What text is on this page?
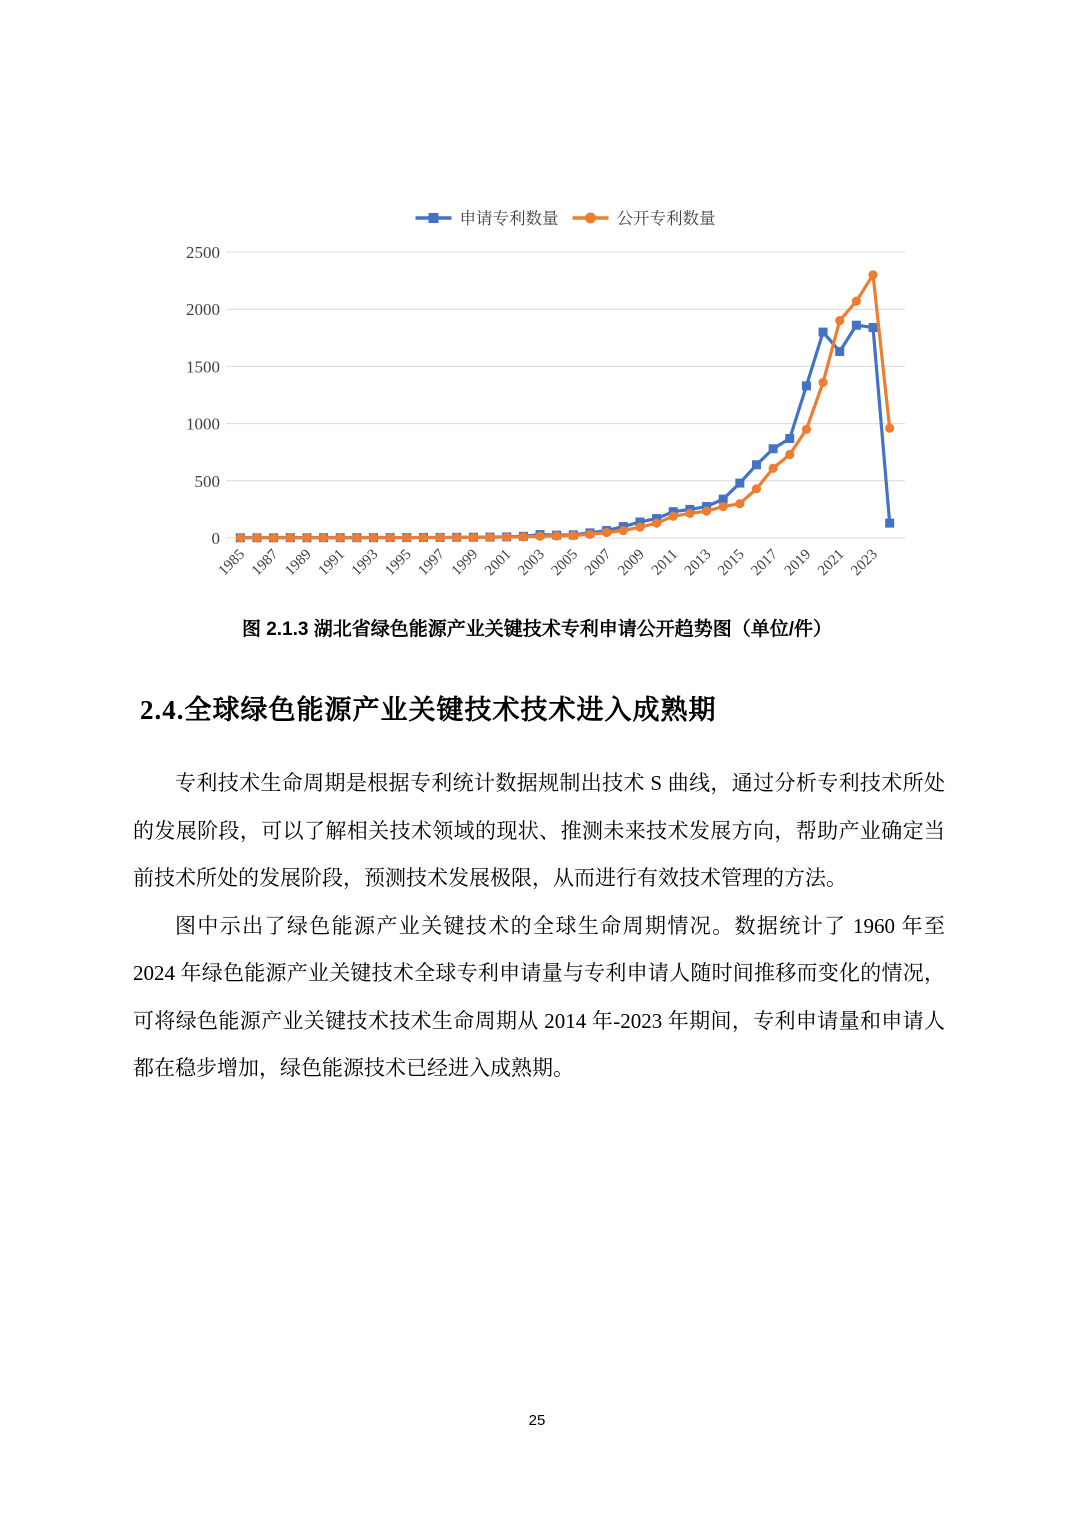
0
500
1000
1500
2000
2500
1985 1987 1989 1991 1993 1995 1997 1999 2001 2003 2005 2007 2009 2011 2013 2015 2017 2019 2021 2023
申请专利数量	公开专利数量
图 2.1.3 湖北省绿色能源产业关键技术专利申请公开趋势图（单位/件）
2.4.全球绿色能源产业关键技术技术进入成熟期

专利技术生命周期是根据专利统计数据规制出技术 S 曲线，通过分析专利技术所处的发展阶段，可以了解相关技术领域的现状、推测未来技术发展方向，帮助产业确定当前技术所处的发展阶段，预测技术发展极限，从而进行有效技术管理的方法。

图中示出了绿色能源产业关键技术的全球生命周期情况。数据统计了 1960 年至 2024 年绿色能源产业关键技术全球专利申请量与专利申请人随时间推移而变化的情况，可将绿色能源产业关键技术技术生命周期从 2014 年-2023 年期间，专利申请量和申请人都在稳步增加，绿色能源技术已经进入成熟期。

25
